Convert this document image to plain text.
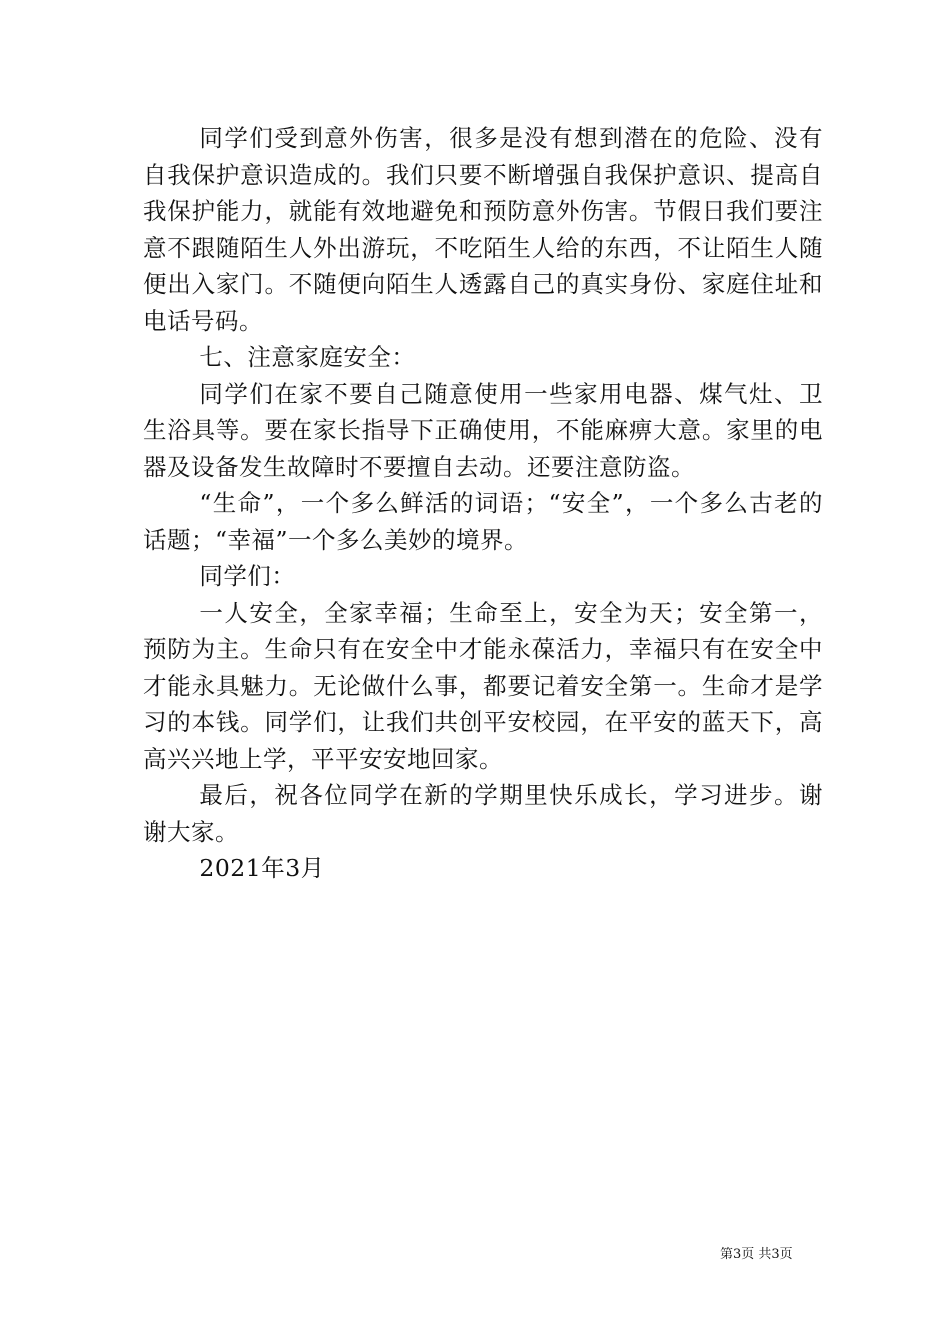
同学们受到意外伤害，很多是没有想到潜在的危险、没有自我保护意识造成的。我们只要不断增强自我保护意识、提高自我保护能力，就能有效地避免和预防意外伤害。节假日我们要注意不跟随陌生人外出游玩，不吃陌生人给的东西，不让陌生人随便出入家门。不随便向陌生人透露自己的真实身份、家庭住址和电话号码。

七、注意家庭安全：

同学们在家不要自己随意使用一些家用电器、煤气灶、卫生浴具等。要在家长指导下正确使用，不能麻痹大意。家里的电器及设备发生故障时不要擅自去动。还要注意防盗。

“生命”，一个多么鲜活的词语；“安全”，一个多么古老的话题；“幸福”一个多么美妙的境界。

同学们：

一人安全，全家幸福；生命至上，安全为天；安全第一，预防为主。生命只有在安全中才能永葆活力，幸福只有在安全中才能永具魅力。无论做什么事，都要记着安全第一。生命才是学习的本钱。同学们，让我们共创平安校园，在平安的蓝天下，高高兴兴地上学，平平安安地回家。

最后，祝各位同学在新的学期里快乐成长，学习进步。谢谢大家。

2021年3月

第3页 共3页
